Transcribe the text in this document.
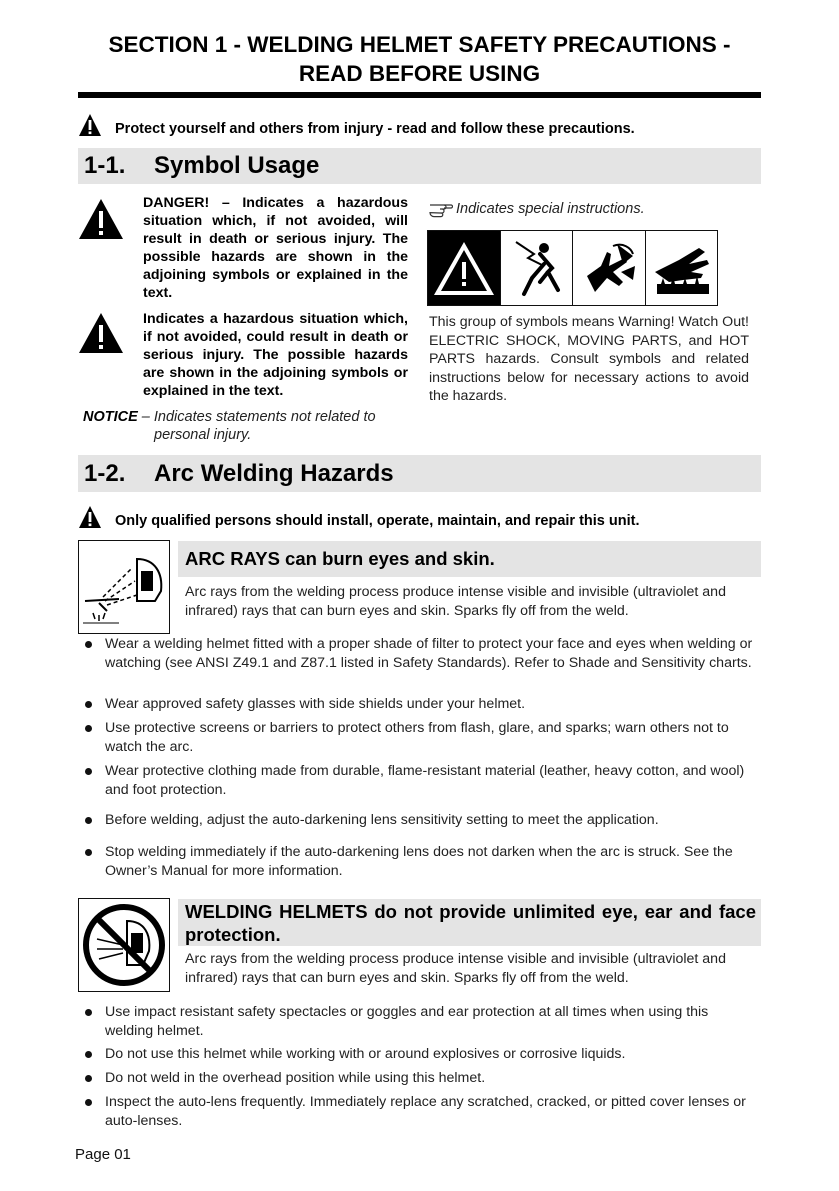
SECTION 1 - WELDING HELMET SAFETY PRECAUTIONS -
READ BEFORE USING
Protect yourself and others from injury - read and follow these precautions.
1-1. Symbol Usage
DANGER! – Indicates a hazardous situation which, if not avoided, will result in death or serious injury. The possible hazards are shown in the adjoining symbols or explained in the text.
Indicates a hazardous situation which, if not avoided, could result in death or serious injury. The possible hazards are shown in the adjoining symbols or explained in the text.
NOTICE – Indicates statements not related to
personal injury.
Indicates special instructions.
This group of symbols means Warning! Watch Out! ELECTRIC SHOCK, MOVING PARTS, and HOT PARTS hazards. Consult symbols and related instructions below for necessary actions to avoid the hazards.
1-2. Arc Welding Hazards
Only qualified persons should install, operate, maintain, and repair this unit.
ARC RAYS can burn eyes and skin.
Arc rays from the welding process produce intense visible and invisible (ultraviolet and infrared) rays that can burn eyes and skin. Sparks fly off from the weld.
Wear a welding helmet fitted with a proper shade of filter to protect your face and eyes when welding or watching (see ANSI Z49.1 and Z87.1 listed in Safety Standards). Refer to Shade and Sensitivity charts.
Wear approved safety glasses with side shields under your helmet.
Use protective screens or barriers to protect others from flash, glare, and sparks; warn others not to watch the arc.
Wear protective clothing made from durable, flame-resistant material (leather, heavy cotton, and wool) and foot protection.
Before welding, adjust the auto-darkening lens sensitivity setting to meet the application.
Stop welding immediately if the auto-darkening lens does not darken when the arc is struck. See the Owner’s Manual for more information.
WELDING HELMETS do not provide unlimited eye, ear and face protection.
Arc rays from the welding process produce intense visible and invisible (ultraviolet and infrared) rays that can burn eyes and skin. Sparks fly off from the weld.
Use impact resistant safety spectacles or goggles and ear protection at all times when using this welding helmet.
Do not use this helmet while working with or around explosives or corrosive liquids.
Do not weld in the overhead position while using this helmet.
Inspect the auto-lens frequently. Immediately replace any scratched, cracked, or pitted cover lenses or auto-lenses.
Page 01
